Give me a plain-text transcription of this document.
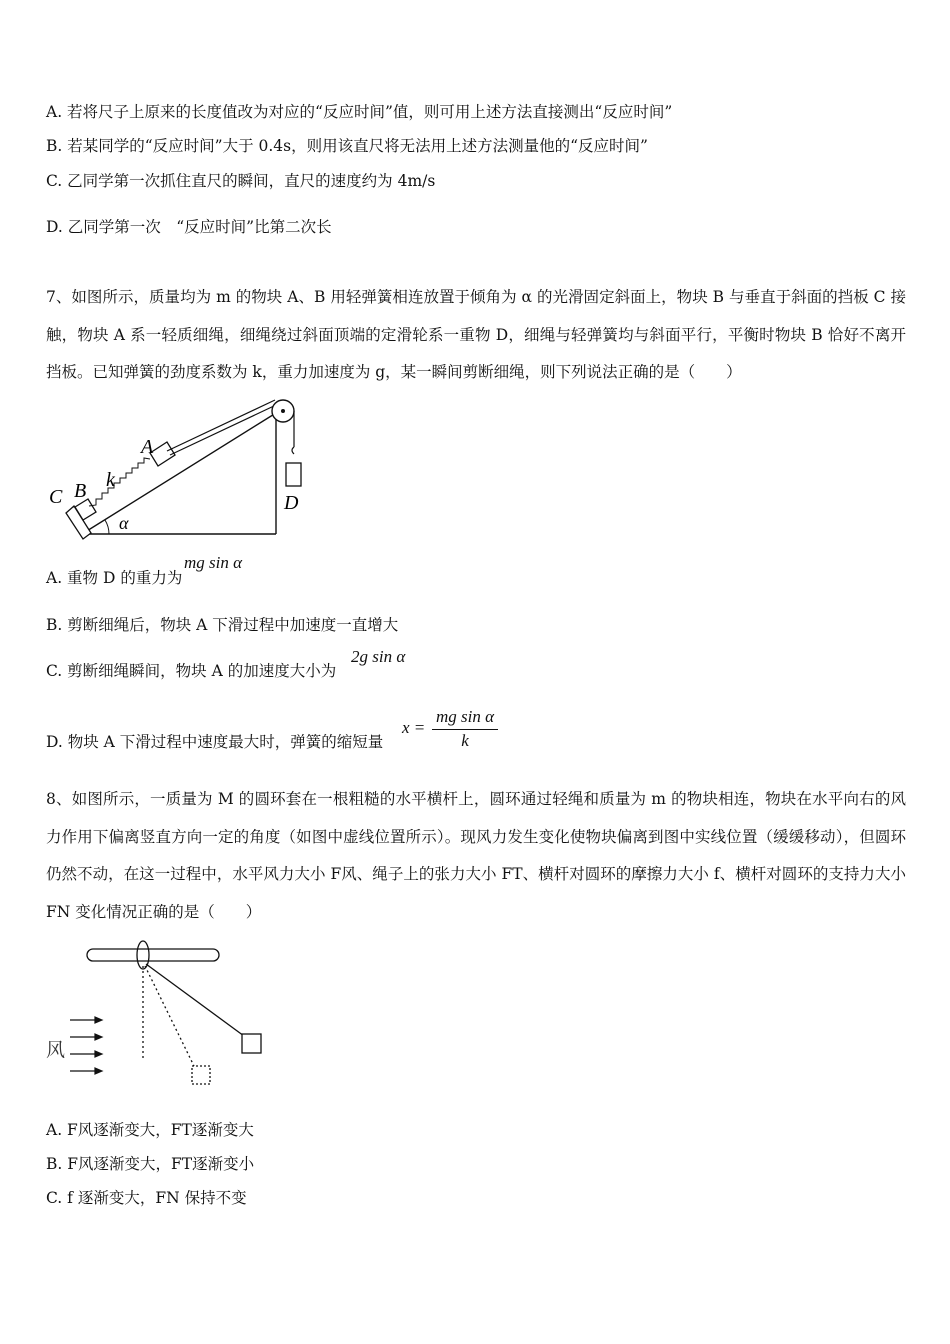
A. 若将尺子上原来的长度值改为对应的“反应时间”值，则可用上述方法直接测出“反应时间”
B. 若某同学的“反应时间”大于 0.4s，则用该直尺将无法用上述方法测量他的“反应时间”
C. 乙同学第一次抓住直尺的瞬间，直尺的速度约为 4m/s
D. 乙同学第一次　“反应时间”比第二次长
7、如图所示，质量均为 m 的物块 A、B 用轻弹簧相连放置于倾角为 α 的光滑固定斜面上，物块 B 与垂直于斜面的挡板 C 接触，物块 A 系一轻质细绳，细绳绕过斜面顶端的定滑轮系一重物 D，细绳与轻弹簧均与斜面平行，平衡时物块 B 恰好不离开挡板。已知弹簧的劲度系数为 k，重力加速度为 g，某一瞬间剪断细绳，则下列说法正确的是（　　）
C B k
A
D
α
A. 重物 D 的重力为
mg sin α
B. 剪断细绳后，物块 A 下滑过程中加速度一直增大
C. 剪断细绳瞬间，物块 A 的加速度大小为
2g sin α
D. 物块 A 下滑过程中速度最大时，弹簧的缩短量
x =
mg sin α
k
8、如图所示，一质量为 M 的圆环套在一根粗糙的水平横杆上，圆环通过轻绳和质量为 m 的物块相连，物块在水平向右的风力作用下偏离竖直方向一定的角度（如图中虚线位置所示）。现风力发生变化使物块偏离到图中实线位置（缓缓移动），但圆环仍然不动，在这一过程中，水平风力大小 F风、绳子上的张力大小 FT、横杆对圆环的摩擦力大小 f、横杆对圆环的支持力大小 FN 变化情况正确的是（　　）
风
A. F风逐渐变大，FT逐渐变大
B. F风逐渐变大，FT逐渐变小
C. f 逐渐变大，FN 保持不变
